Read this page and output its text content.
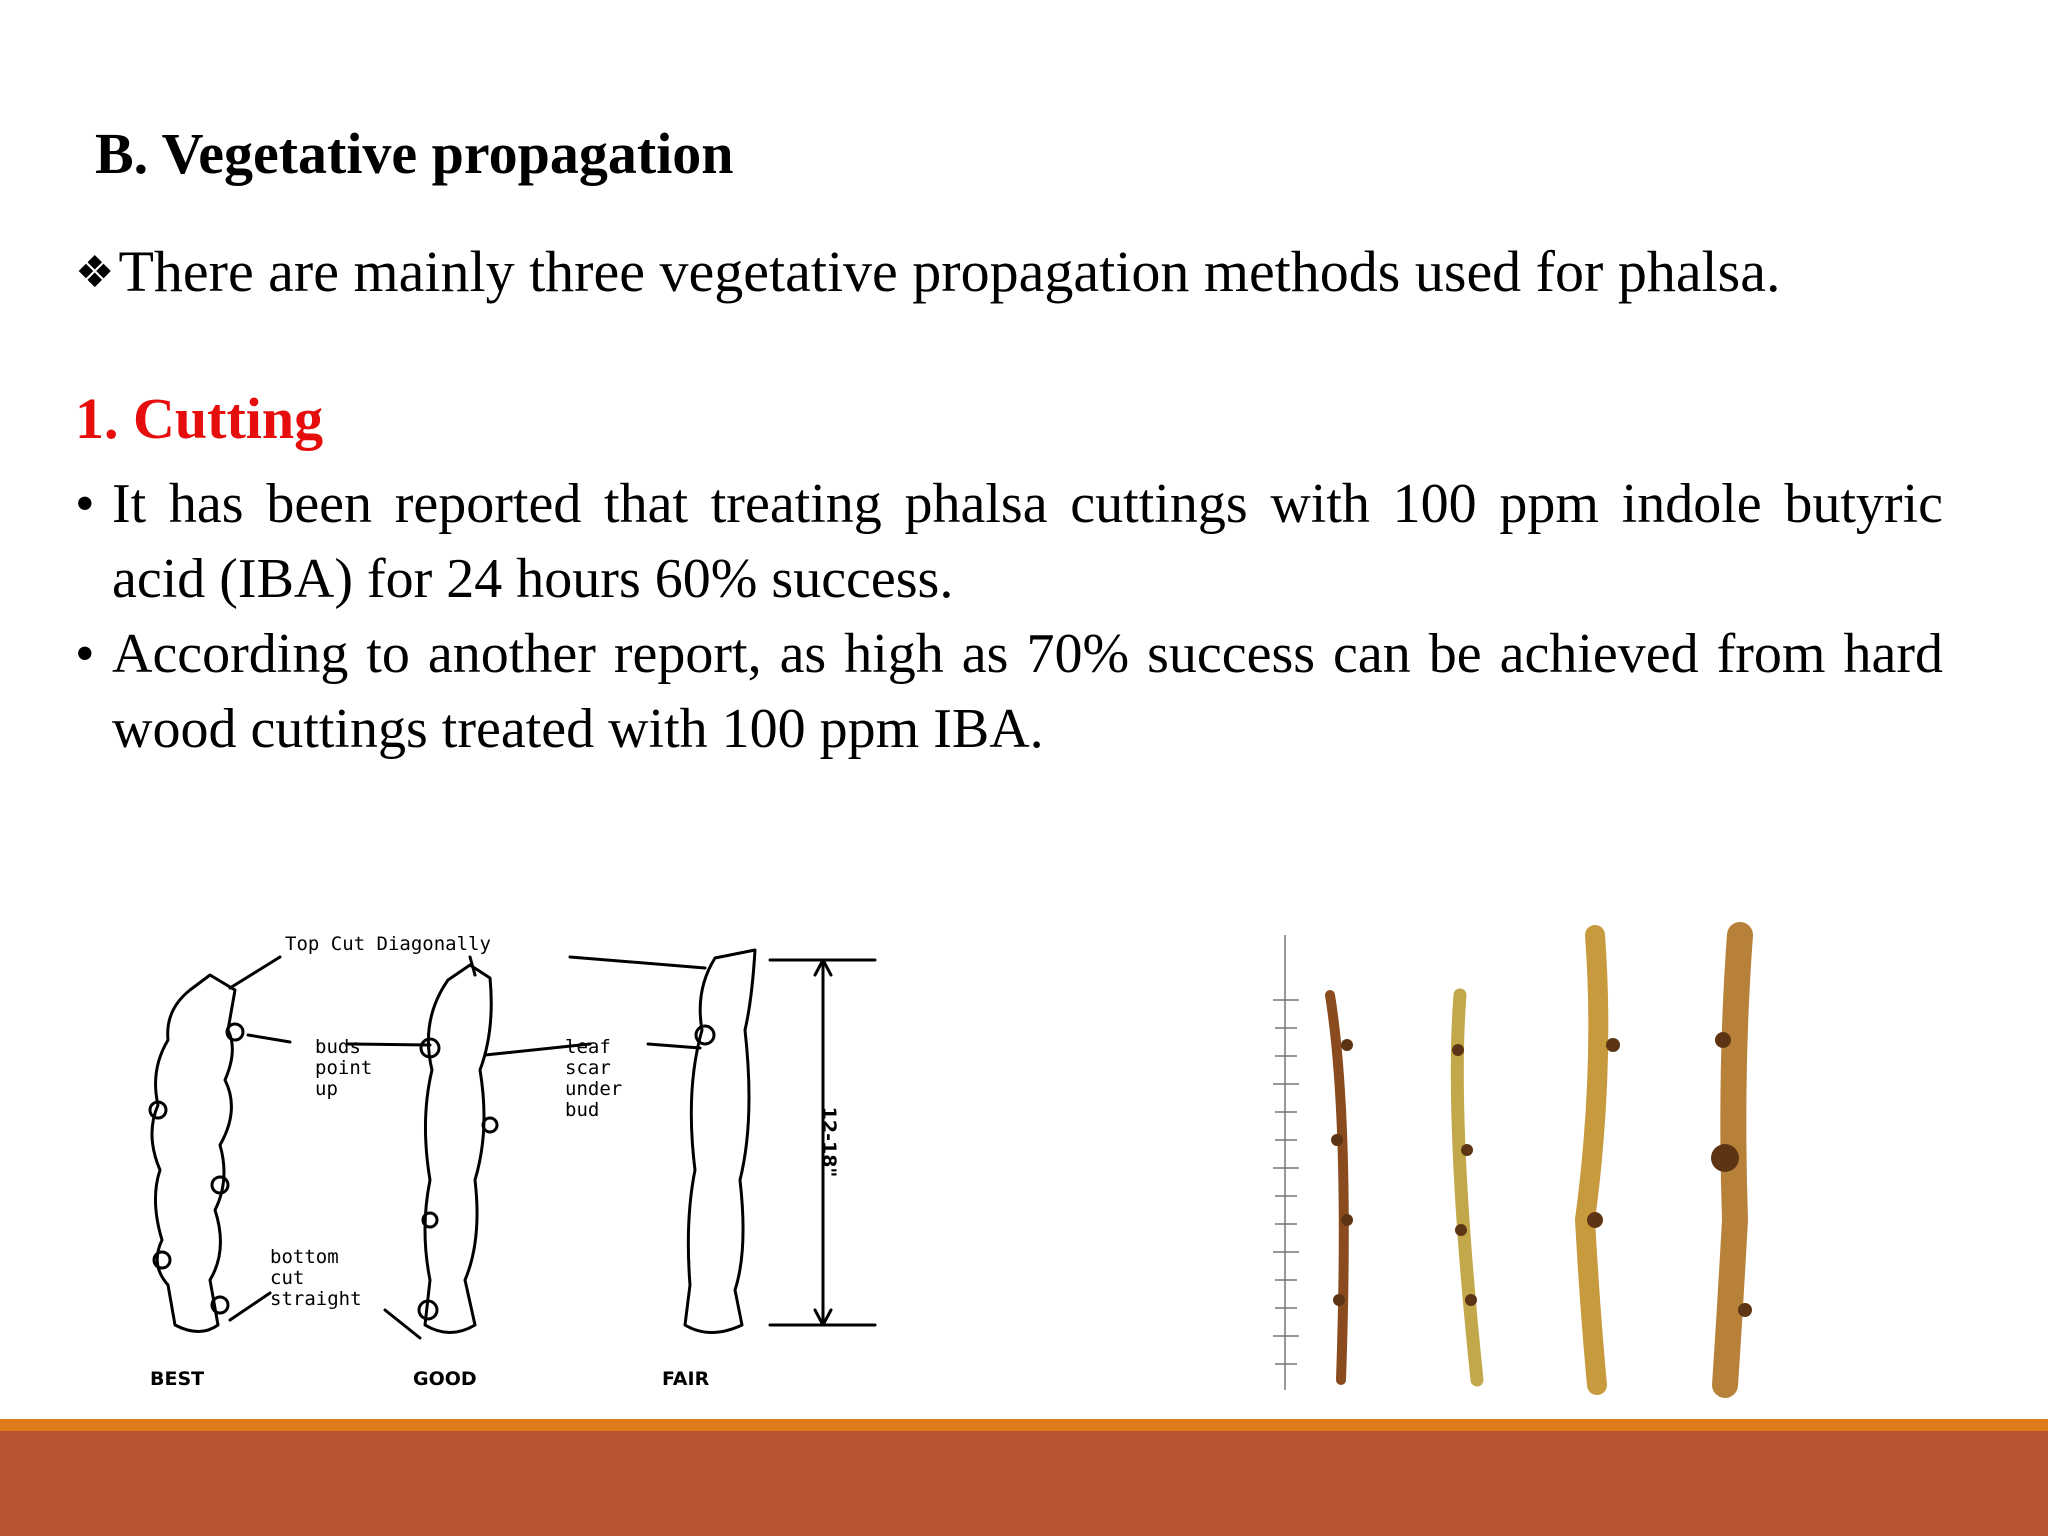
B. Vegetative propagation

❖There are mainly three vegetative propagation methods used for phalsa.

1. Cutting
• It has been reported that treating phalsa cuttings with 100 ppm indole butyric acid (IBA) for 24 hours 60% success.
• According to another report, as high as 70% success can be achieved from hard wood cuttings treated with 100 ppm IBA.
Top Cut Diagonally
buds
point
up
leaf
scar
under
bud
bottom
cut
straight
12-18"
BEST	GOOD	FAIR
